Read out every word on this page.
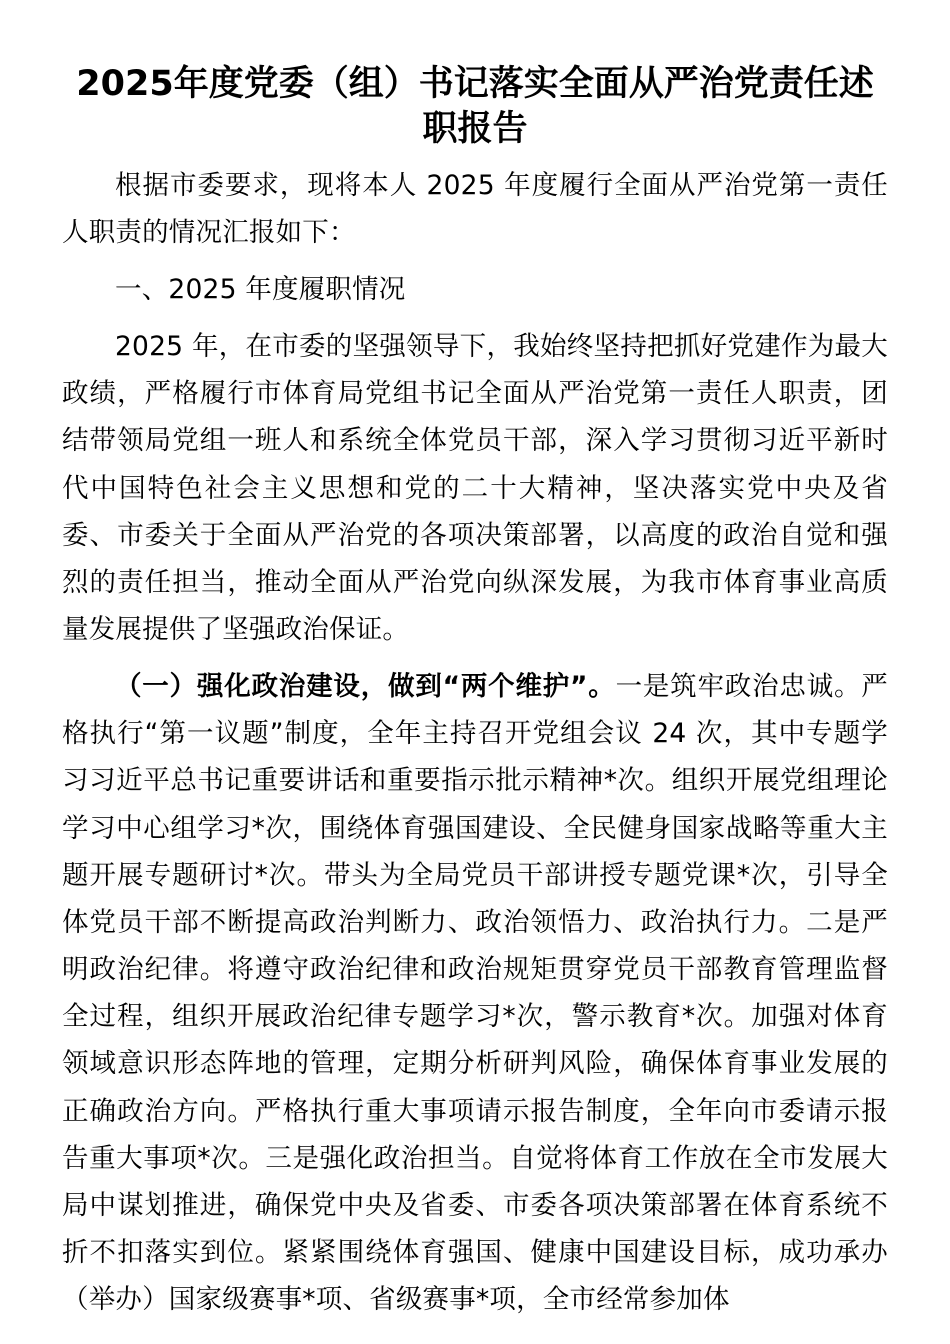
2025年度党委（组）书记落实全面从严治党责任述职报告

根据市委要求，现将本人 2025 年度履行全面从严治党第一责任人职责的情况汇报如下：

一、2025 年度履职情况

2025 年，在市委的坚强领导下，我始终坚持把抓好党建作为最大政绩，严格履行市体育局党组书记全面从严治党第一责任人职责，团结带领局党组一班人和系统全体党员干部，深入学习贯彻习近平新时代中国特色社会主义思想和党的二十大精神，坚决落实党中央及省委、市委关于全面从严治党的各项决策部署，以高度的政治自觉和强烈的责任担当，推动全面从严治党向纵深发展，为我市体育事业高质量发展提供了坚强政治保证。

（一）强化政治建设，做到“两个维护”。一是筑牢政治忠诚。严格执行“第一议题”制度，全年主持召开党组会议 24 次，其中专题学习习近平总书记重要讲话和重要指示批示精神*次。组织开展党组理论学习中心组学习*次，围绕体育强国建设、全民健身国家战略等重大主题开展专题研讨*次。带头为全局党员干部讲授专题党课*次，引导全体党员干部不断提高政治判断力、政治领悟力、政治执行力。二是严明政治纪律。将遵守政治纪律和政治规矩贯穿党员干部教育管理监督全过程，组织开展政治纪律专题学习*次，警示教育*次。加强对体育领域意识形态阵地的管理，定期分析研判风险，确保体育事业发展的正确政治方向。严格执行重大事项请示报告制度，全年向市委请示报告重大事项*次。三是强化政治担当。自觉将体育工作放在全市发展大局中谋划推进，确保党中央及省委、市委各项决策部署在体育系统不折不扣落实到位。紧紧围绕体育强国、健康中国建设目标，成功承办（举办）国家级赛事*项、省级赛事*项，全市经常参加体
